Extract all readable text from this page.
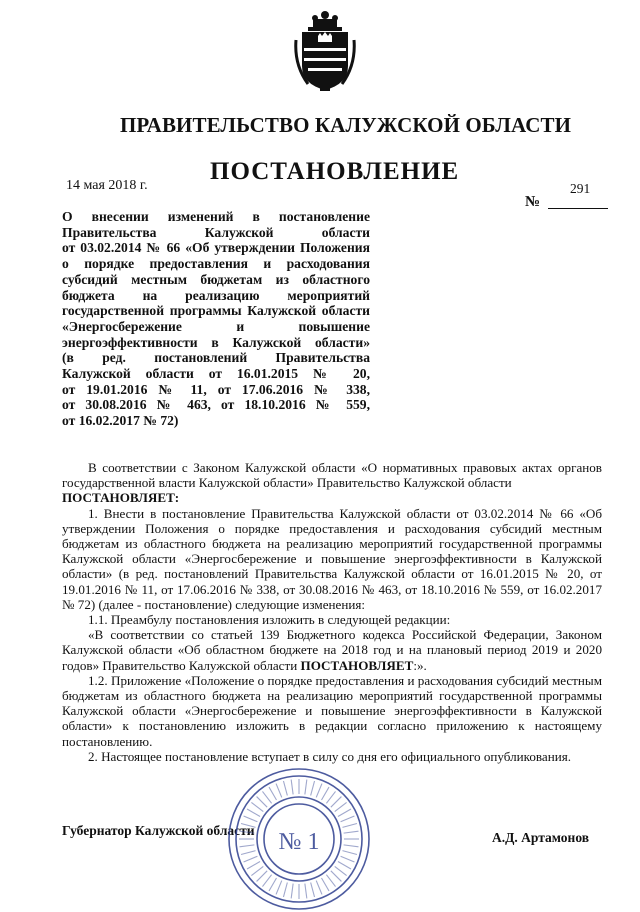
ПРАВИТЕЛЬСТВО КАЛУЖСКОЙ ОБЛАСТИ
ПОСТАНОВЛЕНИЕ
14 мая 2018 г.	291
№
О внесении изменений в постановление
Правительства Калужской области
от 03.02.2014 № 66 «Об утверждении Положения
о порядке предоставления и расходования
субсидий местным бюджетам из областного
бюджета на реализацию мероприятий
государственной программы Калужской области
«Энергосбережение и повышение
энергоэффективности в Калужской области»
(в ред. постановлений Правительства
Калужской области от 16.01.2015 № 20,
от 19.01.2016 № 11, от 17.06.2016 № 338,
от 30.08.2016 № 463, от 18.10.2016 № 559,
от 16.02.2017 № 72)

В соответствии с Законом Калужской области «О нормативных правовых актах органов государственной власти Калужской области» Правительство Калужской области

ПОСТАНОВЛЯЕТ:

1. Внести в постановление Правительства Калужской области от 03.02.2014 № 66 «Об утверждении Положения о порядке предоставления и расходования субсидий местным бюджетам из областного бюджета на реализацию мероприятий государственной программы Калужской области «Энергосбережение и повышение энергоэффективности в Калужской области» (в ред. постановлений Правительства Калужской области от 16.01.2015 № 20, от 19.01.2016 № 11, от 17.06.2016 № 338, от 30.08.2016 № 463, от 18.10.2016 № 559, от 16.02.2017 № 72) (далее - постановление) следующие изменения:

1.1. Преамбулу постановления изложить в следующей редакции:

«В соответствии со статьей 139 Бюджетного кодекса Российской Федерации, Законом Калужской области «Об областном бюджете на 2018 год и на плановый период 2019 и 2020 годов» Правительство Калужской области ПОСТАНОВЛЯЕТ:».

1.2. Приложение «Положение о порядке предоставления и расходования субсидий местным бюджетам из областного бюджета на реализацию мероприятий государственной программы Калужской области «Энергосбережение и повышение энергоэффективности в Калужской области» к постановлению изложить в редакции согласно приложению к настоящему постановлению.

2. Настоящее постановление вступает в силу со дня его официального опубликования.

Губернатор Калужской области	А.Д. Артамонов
№ 1
